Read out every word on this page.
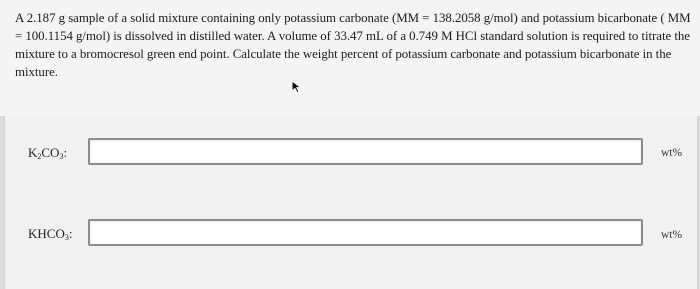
A 2.187 g sample of a solid mixture containing only potassium carbonate (MM = 138.2058 g/mol) and potassium bicarbonate ( MM = 100.1154 g/mol) is dissolved in distilled water. A volume of 33.47 mL of a 0.749 M HCl standard solution is required to titrate the mixture to a bromocresol green end point. Calculate the weight percent of potassium carbonate and potassium bicarbonate in the mixture.

$K_2CO_3$:	wt%
$KHCO_3$:	wt%
